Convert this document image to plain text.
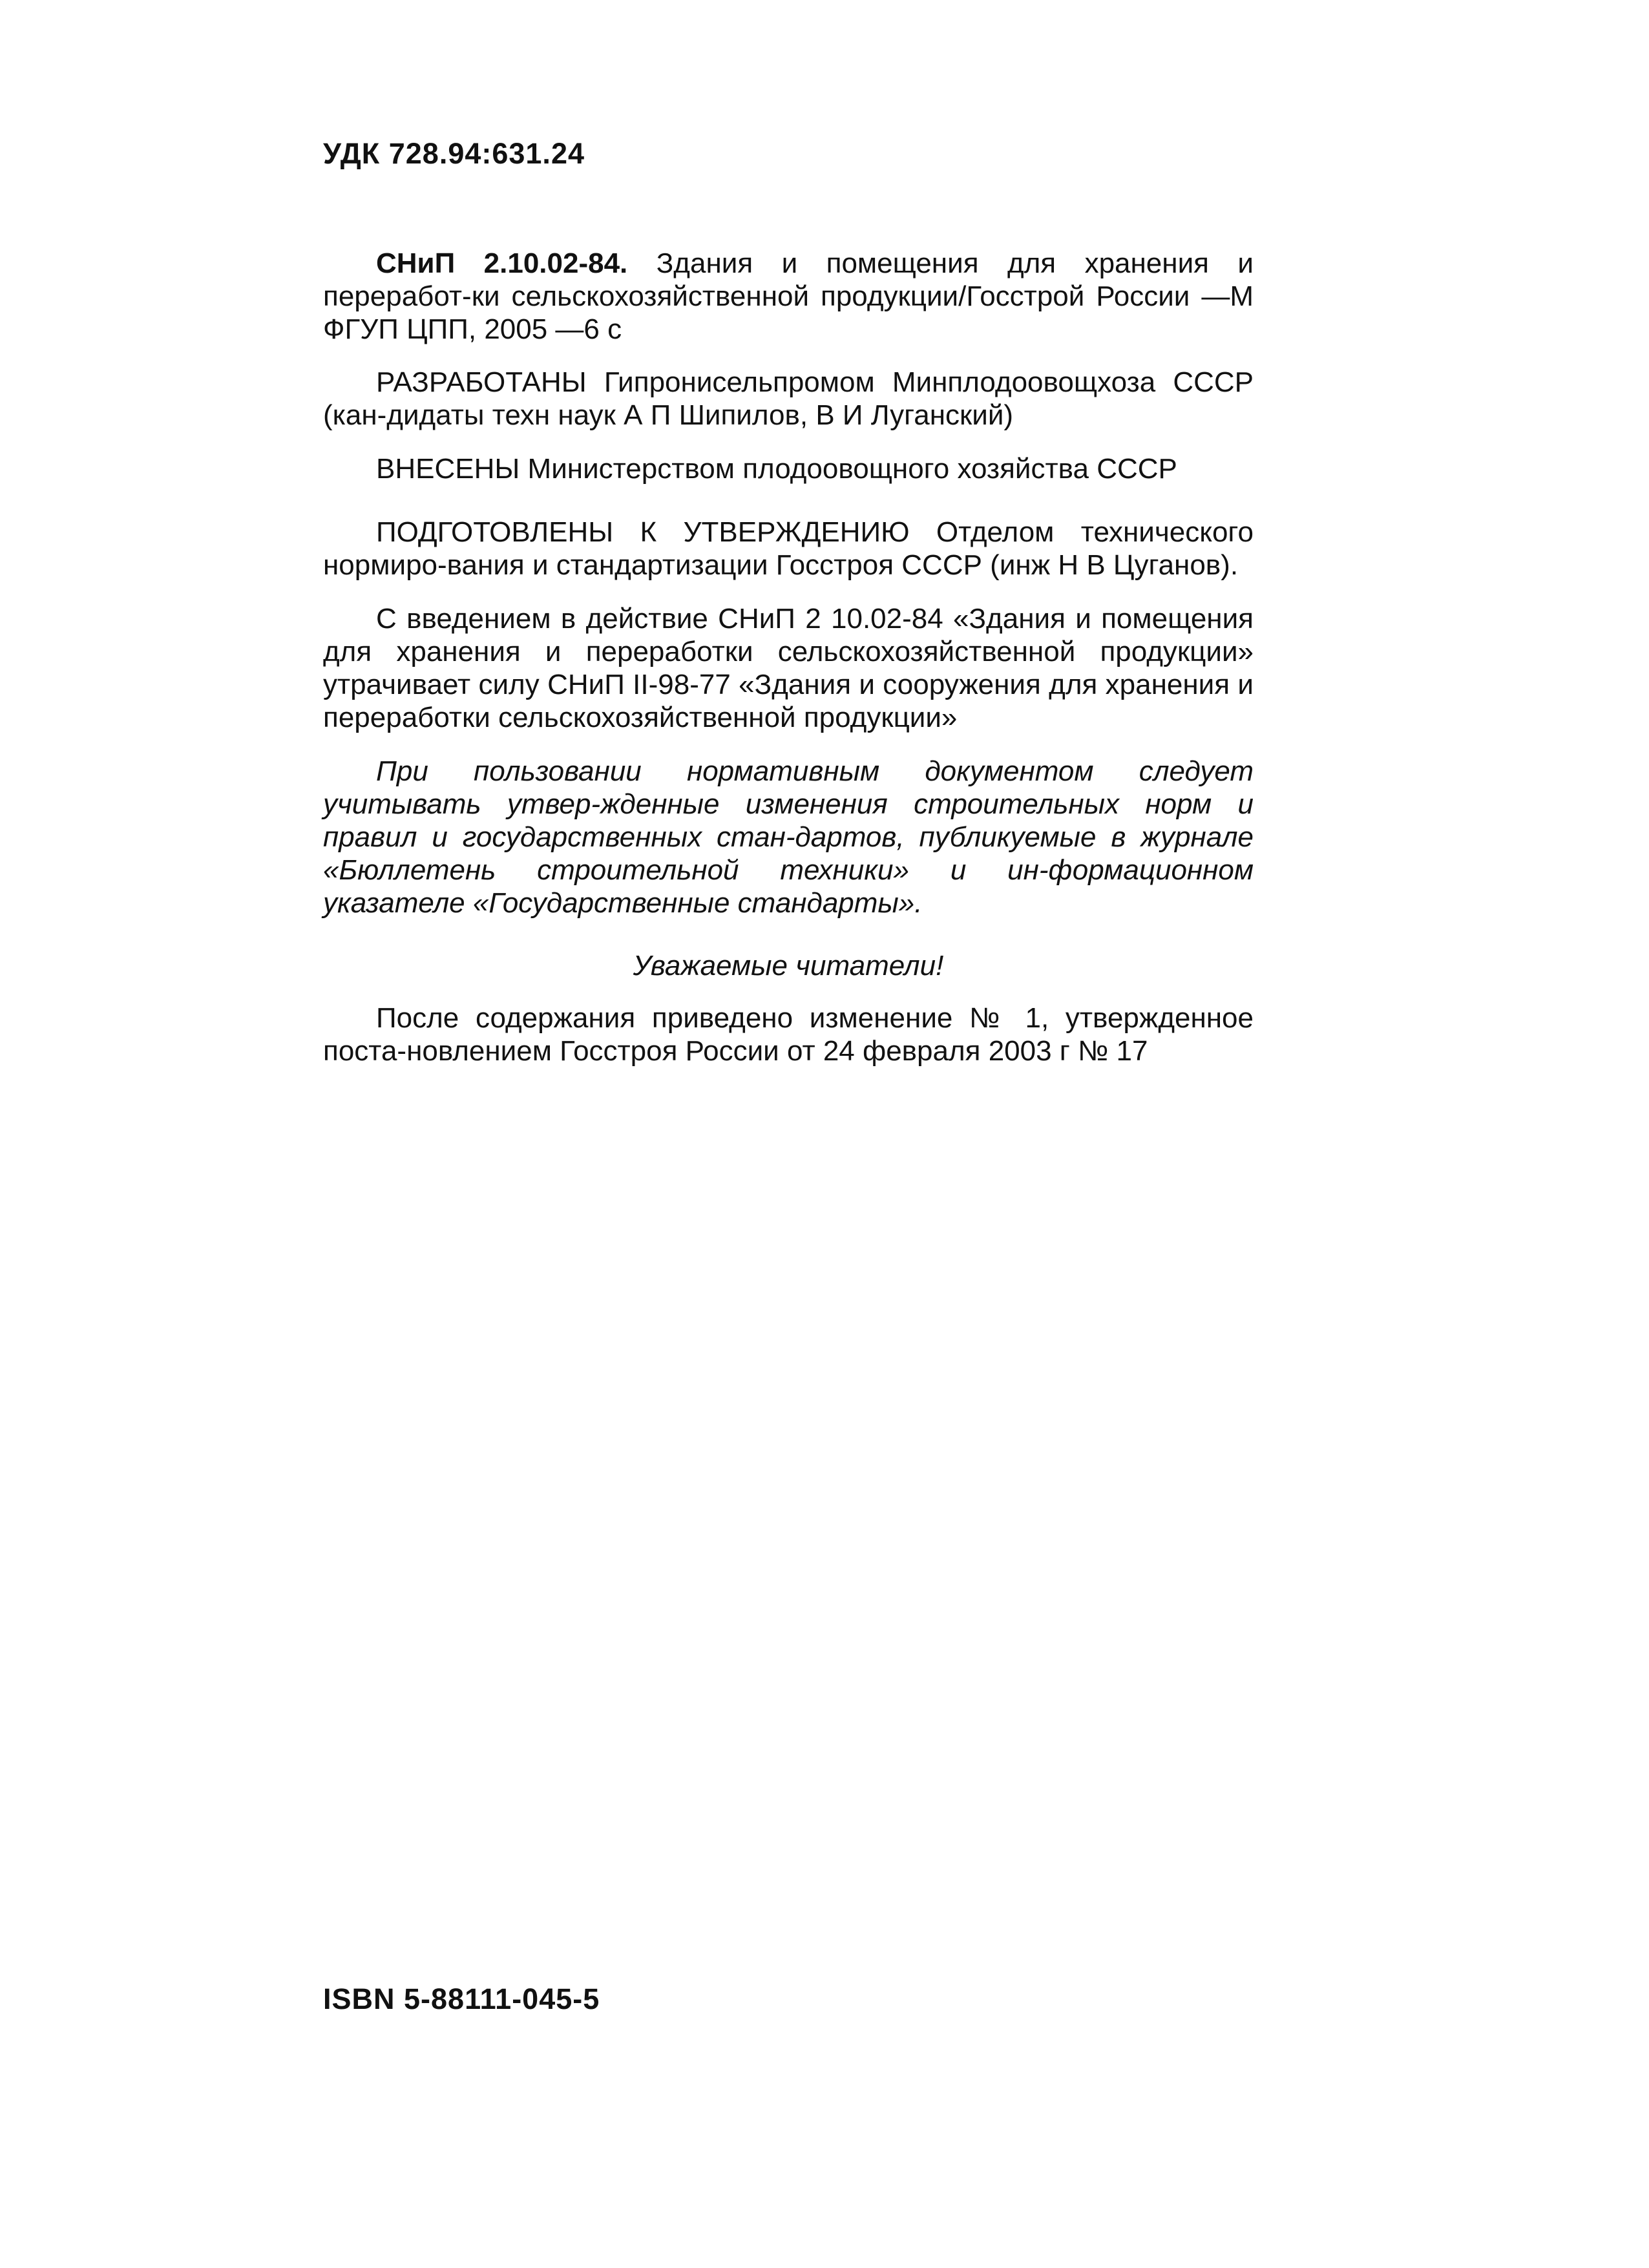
УДК 728.94:631.24

СНиП 2.10.02-84. Здания и помещения для хранения и переработ-ки сельскохозяйственной продукции/Госстрой России —М ФГУП ЦПП, 2005 —6 с

РАЗРАБОТАНЫ Гипронисельпромом Минплодоовощхоза СССР (кан-дидаты техн наук А П Шипилов, В И Луганский)

ВНЕСЕНЫ Министерством плодоовощного хозяйства СССР

ПОДГОТОВЛЕНЫ К УТВЕРЖДЕНИЮ Отделом технического нормиро-вания и стандартизации Госстроя СССР (инж Н В Цуганов).

С введением в действие СНиП 2 10.02-84 «Здания и помещения для хранения и переработки сельскохозяйственной продукции» утрачивает силу СНиП II-98-77 «Здания и сооружения для хранения и переработки сельскохозяйственной продукции»

При пользовании нормативным документом следует учитывать утвер-жденные изменения строительных норм и правил и государственных стан-дартов, публикуемые в журнале «Бюллетень строительной техники» и ин-формационном указателе «Государственные стандарты».

Уважаемые читатели!

После содержания приведено изменение № 1, утвержденное поста-новлением Госстроя России от 24 февраля 2003 г № 17

ISBN 5-88111-045-5
